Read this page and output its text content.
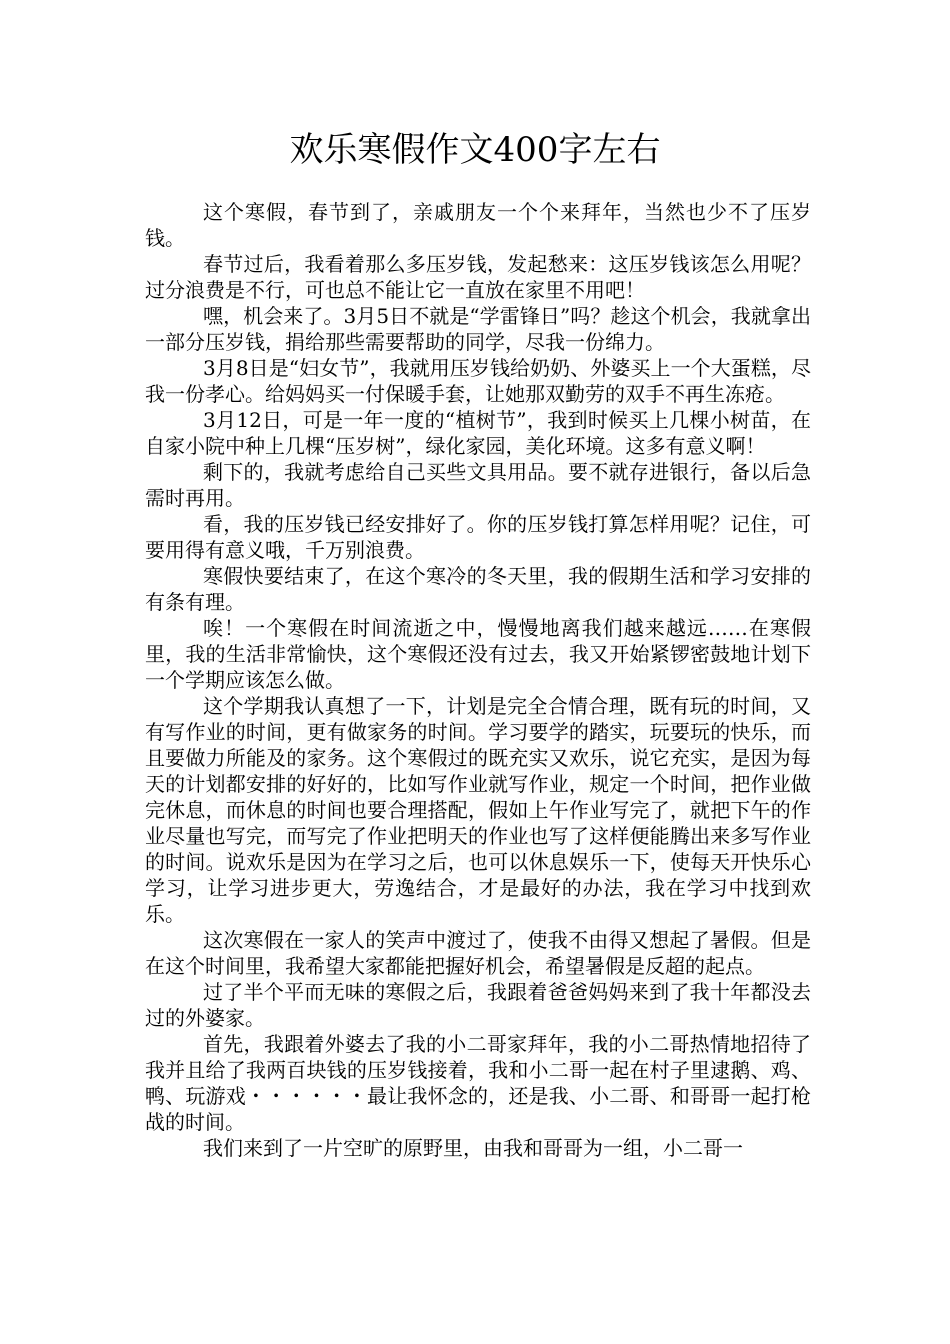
欢乐寒假作文400字左右

这个寒假，春节到了，亲戚朋友一个个来拜年，当然也少不了压岁钱。

春节过后，我看着那么多压岁钱，发起愁来：这压岁钱该怎么用呢？过分浪费是不行，可也总不能让它一直放在家里不用吧！

嘿，机会来了。3月5日不就是“学雷锋日”吗？趁这个机会，我就拿出一部分压岁钱，捐给那些需要帮助的同学，尽我一份绵力。

3月8日是“妇女节”，我就用压岁钱给奶奶、外婆买上一个大蛋糕，尽我一份孝心。给妈妈买一付保暖手套，让她那双勤劳的双手不再生冻疮。

3月12日，可是一年一度的“植树节”，我到时候买上几棵小树苗，在自家小院中种上几棵“压岁树”，绿化家园，美化环境。这多有意义啊！

剩下的，我就考虑给自己买些文具用品。要不就存进银行，备以后急需时再用。

看，我的压岁钱已经安排好了。你的压岁钱打算怎样用呢？记住，可要用得有意义哦，千万别浪费。

寒假快要结束了，在这个寒冷的冬天里，我的假期生活和学习安排的有条有理。

唉！一个寒假在时间流逝之中，慢慢地离我们越来越远……在寒假里，我的生活非常愉快，这个寒假还没有过去，我又开始紧锣密鼓地计划下一个学期应该怎么做。

这个学期我认真想了一下，计划是完全合情合理，既有玩的时间，又有写作业的时间，更有做家务的时间。学习要学的踏实，玩要玩的快乐，而且要做力所能及的家务。这个寒假过的既充实又欢乐，说它充实，是因为每天的计划都安排的好好的，比如写作业就写作业，规定一个时间，把作业做完休息，而休息的时间也要合理搭配，假如上午作业写完了，就把下午的作业尽量也写完，而写完了作业把明天的作业也写了这样便能腾出来多写作业的时间。说欢乐是因为在学习之后，也可以休息娱乐一下，使每天开快乐心学习，让学习进步更大，劳逸结合，才是最好的办法，我在学习中找到欢乐。

这次寒假在一家人的笑声中渡过了，使我不由得又想起了暑假。但是在这个时间里，我希望大家都能把握好机会，希望暑假是反超的起点。

过了半个平而无味的寒假之后，我跟着爸爸妈妈来到了我十年都没去过的外婆家。

首先，我跟着外婆去了我的小二哥家拜年，我的小二哥热情地招待了我并且给了我两百块钱的压岁钱接着，我和小二哥一起在村子里逮鹅、鸡、鸭、玩游戏・・・・・・最让我怀念的，还是我、小二哥、和哥哥一起打枪战的时间。

我们来到了一片空旷的原野里，由我和哥哥为一组，小二哥一
